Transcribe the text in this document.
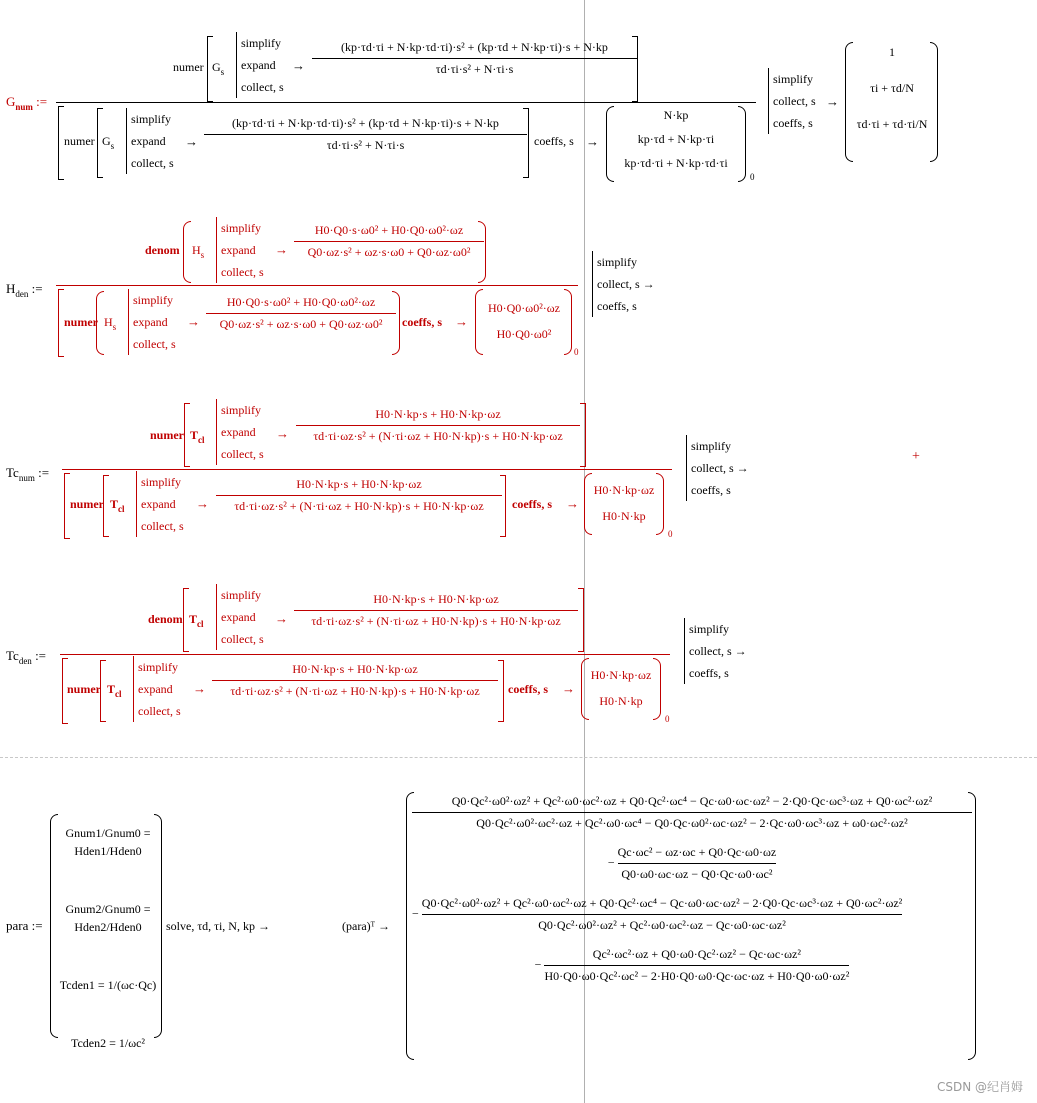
$G_{num}$ :=
numer $G_s$
simplify
expand
collect, s
→
(kp·τd·τi + N·kp·τd·τi)·s² + (kp·τd + N·kp·τi)·s + N·kp
τd·τi·s² + N·τi·s
numer $G_s$
simplify
expand
collect, s
→
(kp·τd·τi + N·kp·τd·τi)·s² + (kp·τd + N·kp·τi)·s + N·kp
τd·τi·s² + N·τi·s	coeffs, s →
N·kp
kp·τd + N·kp·τi
kp·τd·τi + N·kp·τd·τi
0
simplify
collect, s
coeffs, s
→
1
τi + τd/N
τd·τi + τd·τi/N
$H_{den}$ :=
denom $H_s$
simplify
expand
collect, s
→
H0·Q0·s·ω0² + H0·Q0·ω0²·ωz
Q0·ωz·s² + ωz·s·ω0 + Q0·ωz·ω0²
numer $H_s$
simplify
expand
collect, s
→
H0·Q0·s·ω0² + H0·Q0·ω0²·ωz
Q0·ωz·s² + ωz·s·ω0 + Q0·ωz·ω0²	coeffs, s →
H0·Q0·ω0²·ωz
H0·Q0·ω0²
0
simplify
collect, s →
coeffs, s
$Tc_{num}$ :=
numer $T_{cl}$
simplify
expand
collect, s
→
H0·N·kp·s + H0·N·kp·ωz
τd·τi·ωz·s² + (N·τi·ωz + H0·N·kp)·s + H0·N·kp·ωz
numer $T_{cl}$
simplify
expand
collect, s
→
H0·N·kp·s + H0·N·kp·ωz
τd·τi·ωz·s² + (N·τi·ωz + H0·N·kp)·s + H0·N·kp·ωz	coeffs, s →
H0·N·kp·ωz
H0·N·kp
0
simplify
collect, s →
coeffs, s
+
$Tc_{den}$ :=
denom $T_{cl}$
simplify
expand
collect, s
→
H0·N·kp·s + H0·N·kp·ωz
τd·τi·ωz·s² + (N·τi·ωz + H0·N·kp)·s + H0·N·kp·ωz
numer $T_{cl}$
simplify
expand
collect, s
→
H0·N·kp·s + H0·N·kp·ωz
τd·τi·ωz·s² + (N·τi·ωz + H0·N·kp)·s + H0·N·kp·ωz	coeffs, s →
H0·N·kp·ωz
H0·N·kp
0
simplify
collect, s →
coeffs, s
para :=
Gnum1/Gnum0 = Hden1/Hden0
Gnum2/Gnum0 = Hden2/Hden0
Tcden1 = 1/(ωc·Qc)
Tcden2 = 1/ωc²
solve, τd, τi, N, kp →	(para)ᵀ →
Q0·Qc²·ω0²·ωz² + Qc²·ω0·ωc²·ωz + Q0·Qc²·ωc⁴ − Qc·ω0·ωc·ωz² − 2·Q0·Qc·ωc³·ωz + Q0·ωc²·ωz²
Q0·Qc²·ω0²·ωc²·ωz + Qc²·ω0·ωc⁴ − Q0·Qc·ω0²·ωc·ωz² − 2·Qc·ω0·ωc³·ωz + ω0·ωc²·ωz²
− $\frac{\text{Qc·ωc² − ωz·ωc + Q0·Qc·ω0·ωz}}{\text{Q0·ω0·ωc·ωz − Q0·Qc·ω0·ωc²}}$
−
Q0·Qc²·ω0²·ωz² + Qc²·ω0·ωc²·ωz + Q0·Qc²·ωc⁴ − Qc·ω0·ωc·ωz² − 2·Q0·Qc·ωc³·ωz + Q0·ωc²·ωz²
Q0·Qc²·ω0²·ωz² + Qc²·ω0·ωc²·ωz − Qc·ω0·ωc·ωz²
− $\frac{\text{Qc²·ωc²·ωz + Q0·ω0·Qc²·ωz² − Qc·ωc·ωz²}}{\text{H0·Q0·ω0·Qc²·ωc² − 2·H0·Q0·ω0·Qc·ωc·ωz + H0·Q0·ω0·ωz²}}$
CSDN @纪肖姆
